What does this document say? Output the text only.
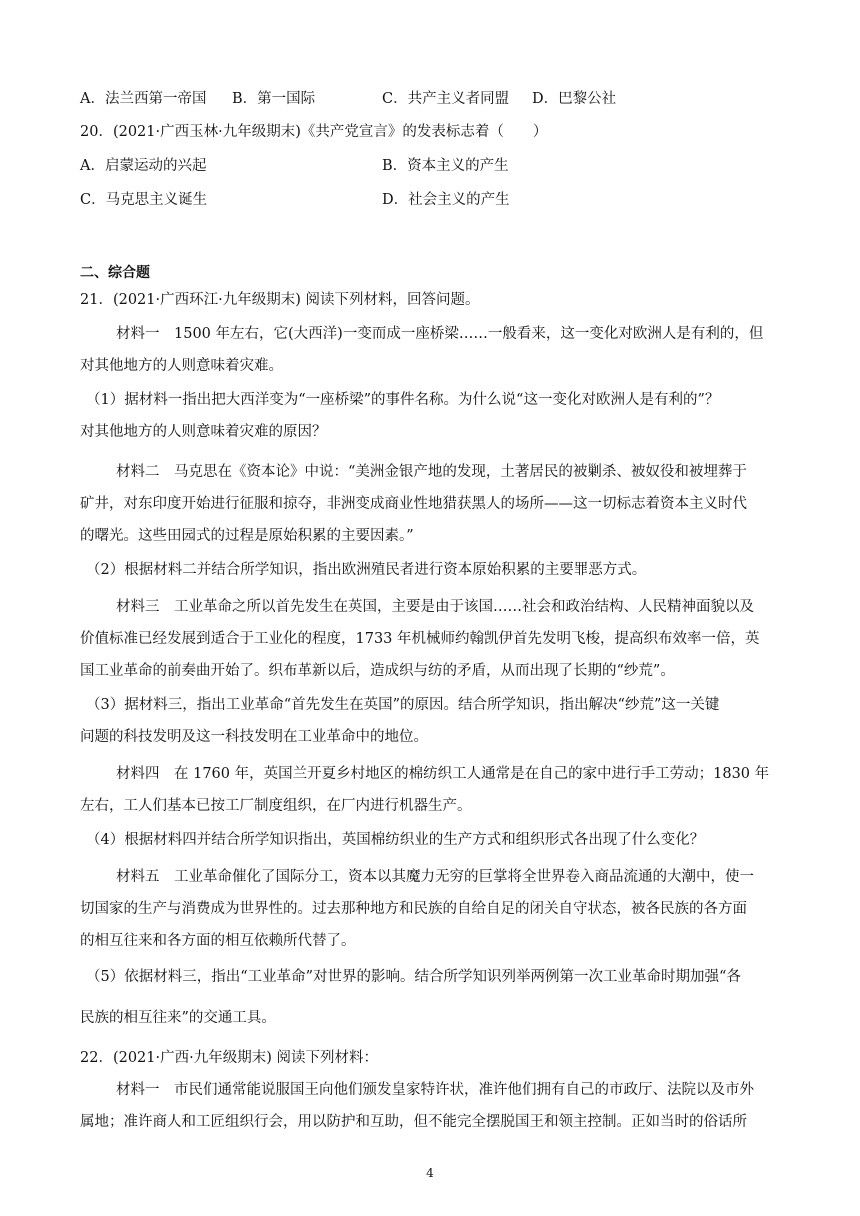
A．法兰西第一帝国 B．第一国际	C．共产主义者同盟 D．巴黎公社
20．(2021·广西玉林·九年级期末)《共产党宣言》的发表标志着（　　）
A．启蒙运动的兴起	B．资本主义的产生
C．马克思主义诞生	D．社会主义的产生
二、综合题
21．(2021·广西环江·九年级期末) 阅读下列材料，回答问题。
材料一　1500 年左右，它(大西洋)一变而成一座桥梁……一般看来，这一变化对欧洲人是有利的，但
对其他地方的人则意味着灾难。
（1）据材料一指出把大西洋变为“一座桥梁”的事件名称。为什么说“这一变化对欧洲人是有利的”？
对其他地方的人则意味着灾难的原因？
材料二　马克思在《资本论》中说：“美洲金银产地的发现，土著居民的被剿杀、被奴役和被埋葬于
矿井，对东印度开始进行征服和掠夺，非洲变成商业性地猎获黑人的场所——这一切标志着资本主义时代
的曙光。这些田园式的过程是原始积累的主要因素。”
（2）根据材料二并结合所学知识，指出欧洲殖民者进行资本原始积累的主要罪恶方式。
材料三　工业革命之所以首先发生在英国，主要是由于该国……社会和政治结构、人民精神面貌以及
价值标准已经发展到适合于工业化的程度，1733 年机械师约翰凯伊首先发明飞梭，提高织布效率一倍，英
国工业革命的前奏曲开始了。织布革新以后，造成织与纺的矛盾，从而出现了长期的“纱荒”。
（3）据材料三，指出工业革命“首先发生在英国”的原因。结合所学知识，指出解决“纱荒”这一关键
问题的科技发明及这一科技发明在工业革命中的地位。
材料四　在 1760 年，英国兰开夏乡村地区的棉纺织工人通常是在自己的家中进行手工劳动；1830 年
左右，工人们基本已按工厂制度组织，在厂内进行机器生产。
（4）根据材料四并结合所学知识指出，英国棉纺织业的生产方式和组织形式各出现了什么变化？
材料五　工业革命催化了国际分工，资本以其魔力无穷的巨掌将全世界卷入商品流通的大潮中，使一
切国家的生产与消费成为世界性的。过去那种地方和民族的自给自足的闭关自守状态，被各民族的各方面
的相互往来和各方面的相互依赖所代替了。
（5）依据材料三，指出“工业革命”对世界的影响。结合所学知识列举两例第一次工业革命时期加强“各
民族的相互往来”的交通工具。
22．(2021·广西·九年级期末) 阅读下列材料：
材料一　市民们通常能说服国王向他们颁发皇家特许状，准许他们拥有自己的市政厅、法院以及市外
属地；准许商人和工匠组织行会，用以防护和互助，但不能完全摆脱国王和领主控制。正如当时的俗话所
4
